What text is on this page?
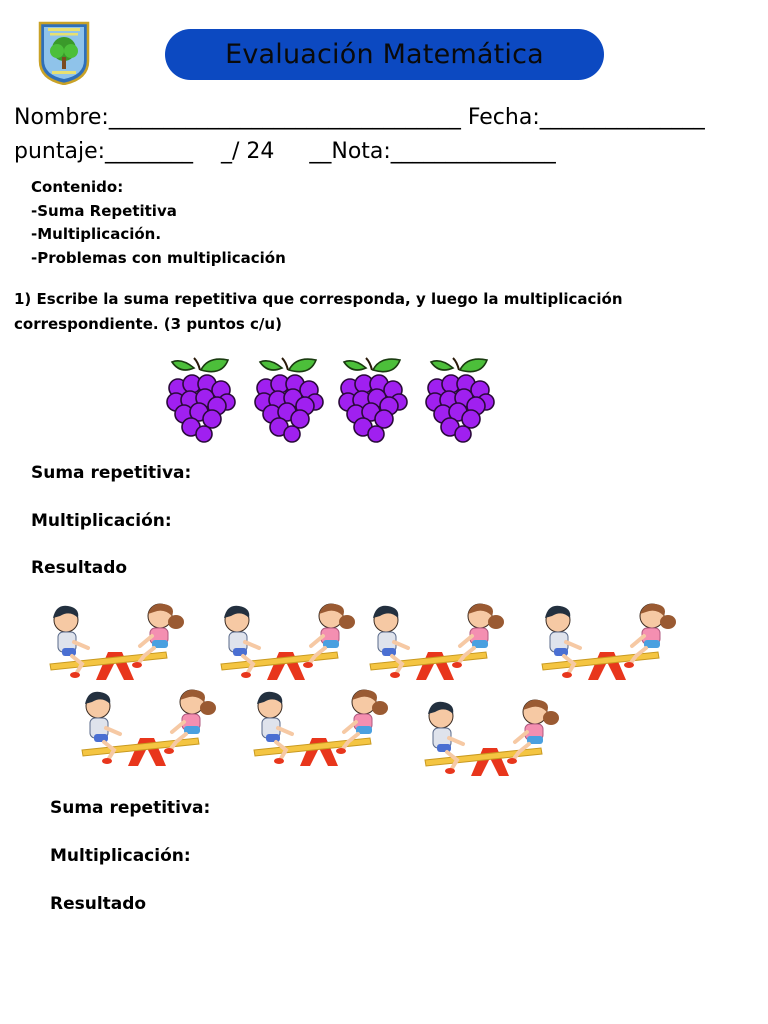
Evaluación Matemática
Nombre:________________________________ Fecha:_______________
puntaje:________    _/ 24     __Nota:_______________
Contenido:
-Suma Repetitiva
-Multiplicación.
-Problemas con multiplicación
1) Escribe la suma repetitiva que corresponda, y luego la multiplicación correspondiente. (3 puntos c/u)
Suma repetitiva:
Multiplicación:
Resultado
Suma repetitiva:
Multiplicación:
Resultado
